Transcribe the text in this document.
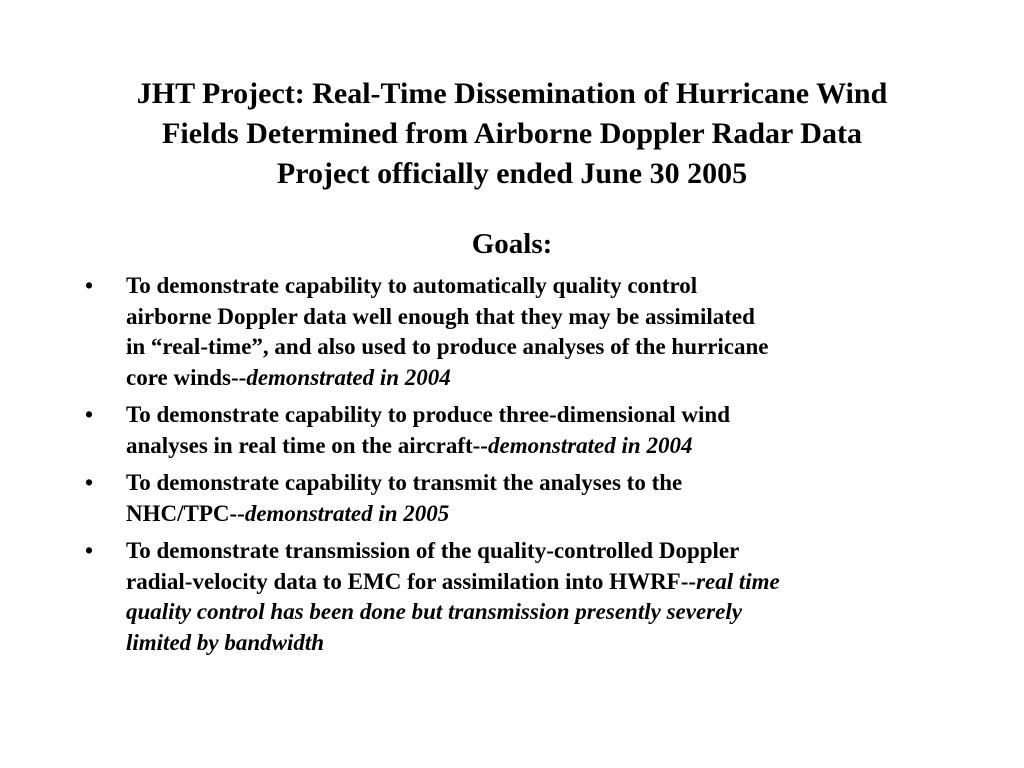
JHT Project: Real-Time Dissemination of Hurricane Wind
Fields Determined from Airborne Doppler Radar Data
Project officially ended June 30 2005
Goals:
• To demonstrate capability to automatically quality control
airborne Doppler data well enough that they may be assimilated
in “real-time”, and also used to produce analyses of the hurricane
core winds--demonstrated in 2004
• To demonstrate capability to produce three-dimensional wind
analyses in real time on the aircraft--demonstrated in 2004
• To demonstrate capability to transmit the analyses to the
NHC/TPC--demonstrated in 2005
• To demonstrate transmission of the quality-controlled Doppler
radial-velocity data to EMC for assimilation into HWRF--real time
quality control has been done but transmission presently severely
limited by bandwidth
